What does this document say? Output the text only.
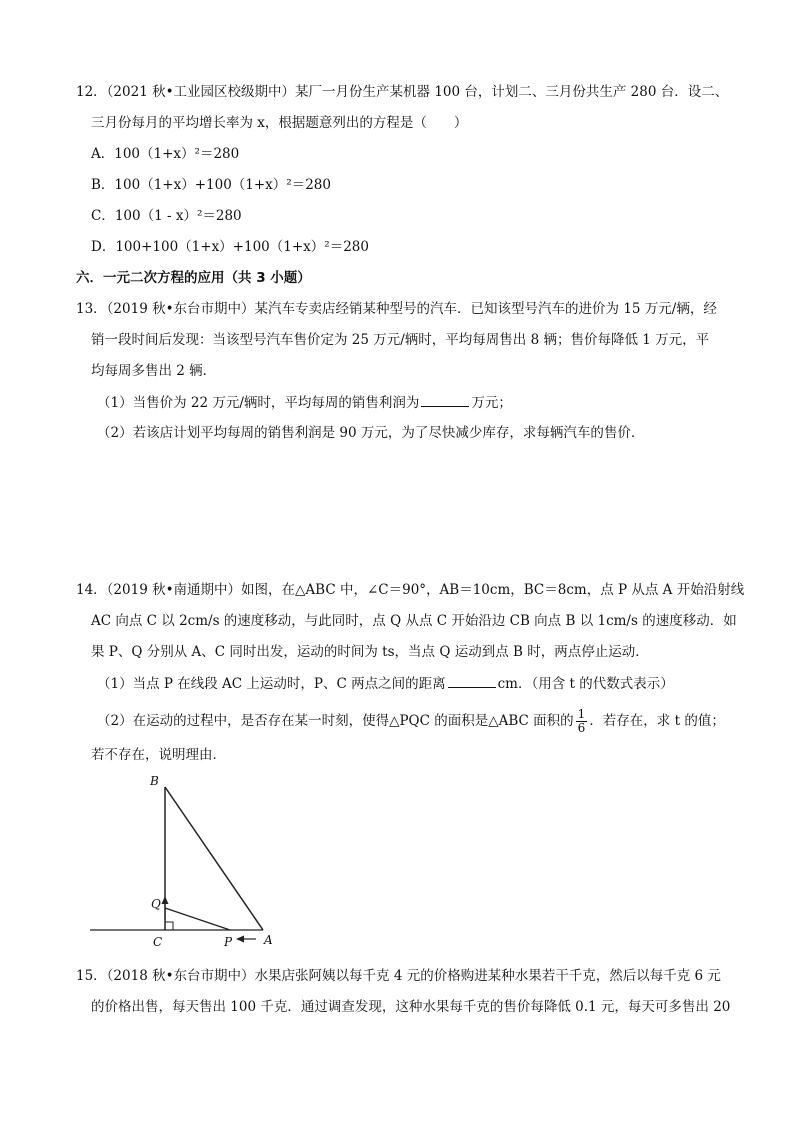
12．（2021 秋•工业园区校级期中）某厂一月份生产某机器 100 台，计划二、三月份共生产 280 台．设二、
三月份每月的平均增长率为 x，根据题意列出的方程是（　　）
A．100（1+x）²＝280
B．100（1+x）+100（1+x）²＝280
C．100（1 - x）²＝280
D．100+100（1+x）+100（1+x）²＝280
六．一元二次方程的应用（共 3 小题）
13．（2019 秋•东台市期中）某汽车专卖店经销某种型号的汽车．已知该型号汽车的进价为 15 万元/辆，经
销一段时间后发现：当该型号汽车售价定为 25 万元/辆时，平均每周售出 8 辆；售价每降低 1 万元，平
均每周多售出 2 辆．
（1）当售价为 22 万元/辆时，平均每周的销售利润为	万元；
（2）若该店计划平均每周的销售利润是 90 万元，为了尽快减少库存，求每辆汽车的售价．
14．（2019 秋•南通期中）如图，在△ABC 中，∠C＝90°，AB＝10cm，BC＝8cm，点 P 从点 A 开始沿射线
AC 向点 C 以 2cm/s 的速度移动，与此同时，点 Q 从点 C 开始沿边 CB 向点 B 以 1cm/s 的速度移动．如
果 P、Q 分别从 A、C 同时出发，运动的时间为 ts，当点 Q 运动到点 B 时，两点停止运动．
（1）当点 P 在线段 AC 上运动时，P、C 两点之间的距离	cm．（用含 t 的代数式表示）
（2）在运动的过程中，是否存在某一时刻，使得△PQC 的面积是△ABC 面积的 $\frac{1}{6}$ ．若存在，求 t 的值；
若不存在，说明理由．
B
Q
C	P	A
15．（2018 秋•东台市期中）水果店张阿姨以每千克 4 元的价格购进某种水果若干千克，然后以每千克 6 元
的价格出售，每天售出 100 千克．通过调查发现，这种水果每千克的售价每降低 0.1 元，每天可多售出 20
